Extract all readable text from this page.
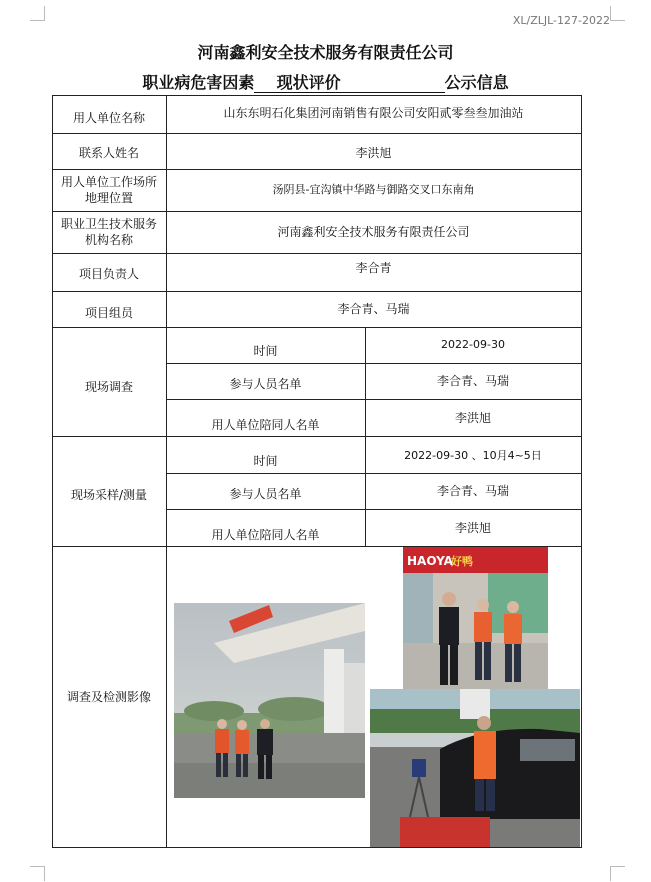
XL/ZLJL-127-2022
河南鑫利安全技术服务有限责任公司
职业病危害因素 现状评价	公示信息
用人单位名称	山东东明石化集团河南销售有限公司安阳贰零叁叁加油站
联系人姓名	李洪旭
用人单位工作场所
地理位置
汤阴县-宜沟镇中华路与御路交叉口东南角
职业卫生技术服务
机构名称
河南鑫利安全技术服务有限责任公司
项目负责人	李合青
项目组员	李合青、马瑞
现场调查
时间	2022-09-30
参与人员名单	李合青、马瑞
用人单位陪同人名单	李洪旭
现场采样/测量
时间	2022-09-30 、10月4~5日
参与人员名单	李合青、马瑞
用人单位陪同人名单	李洪旭
调查及检测影像
HAOYA
好鸭
